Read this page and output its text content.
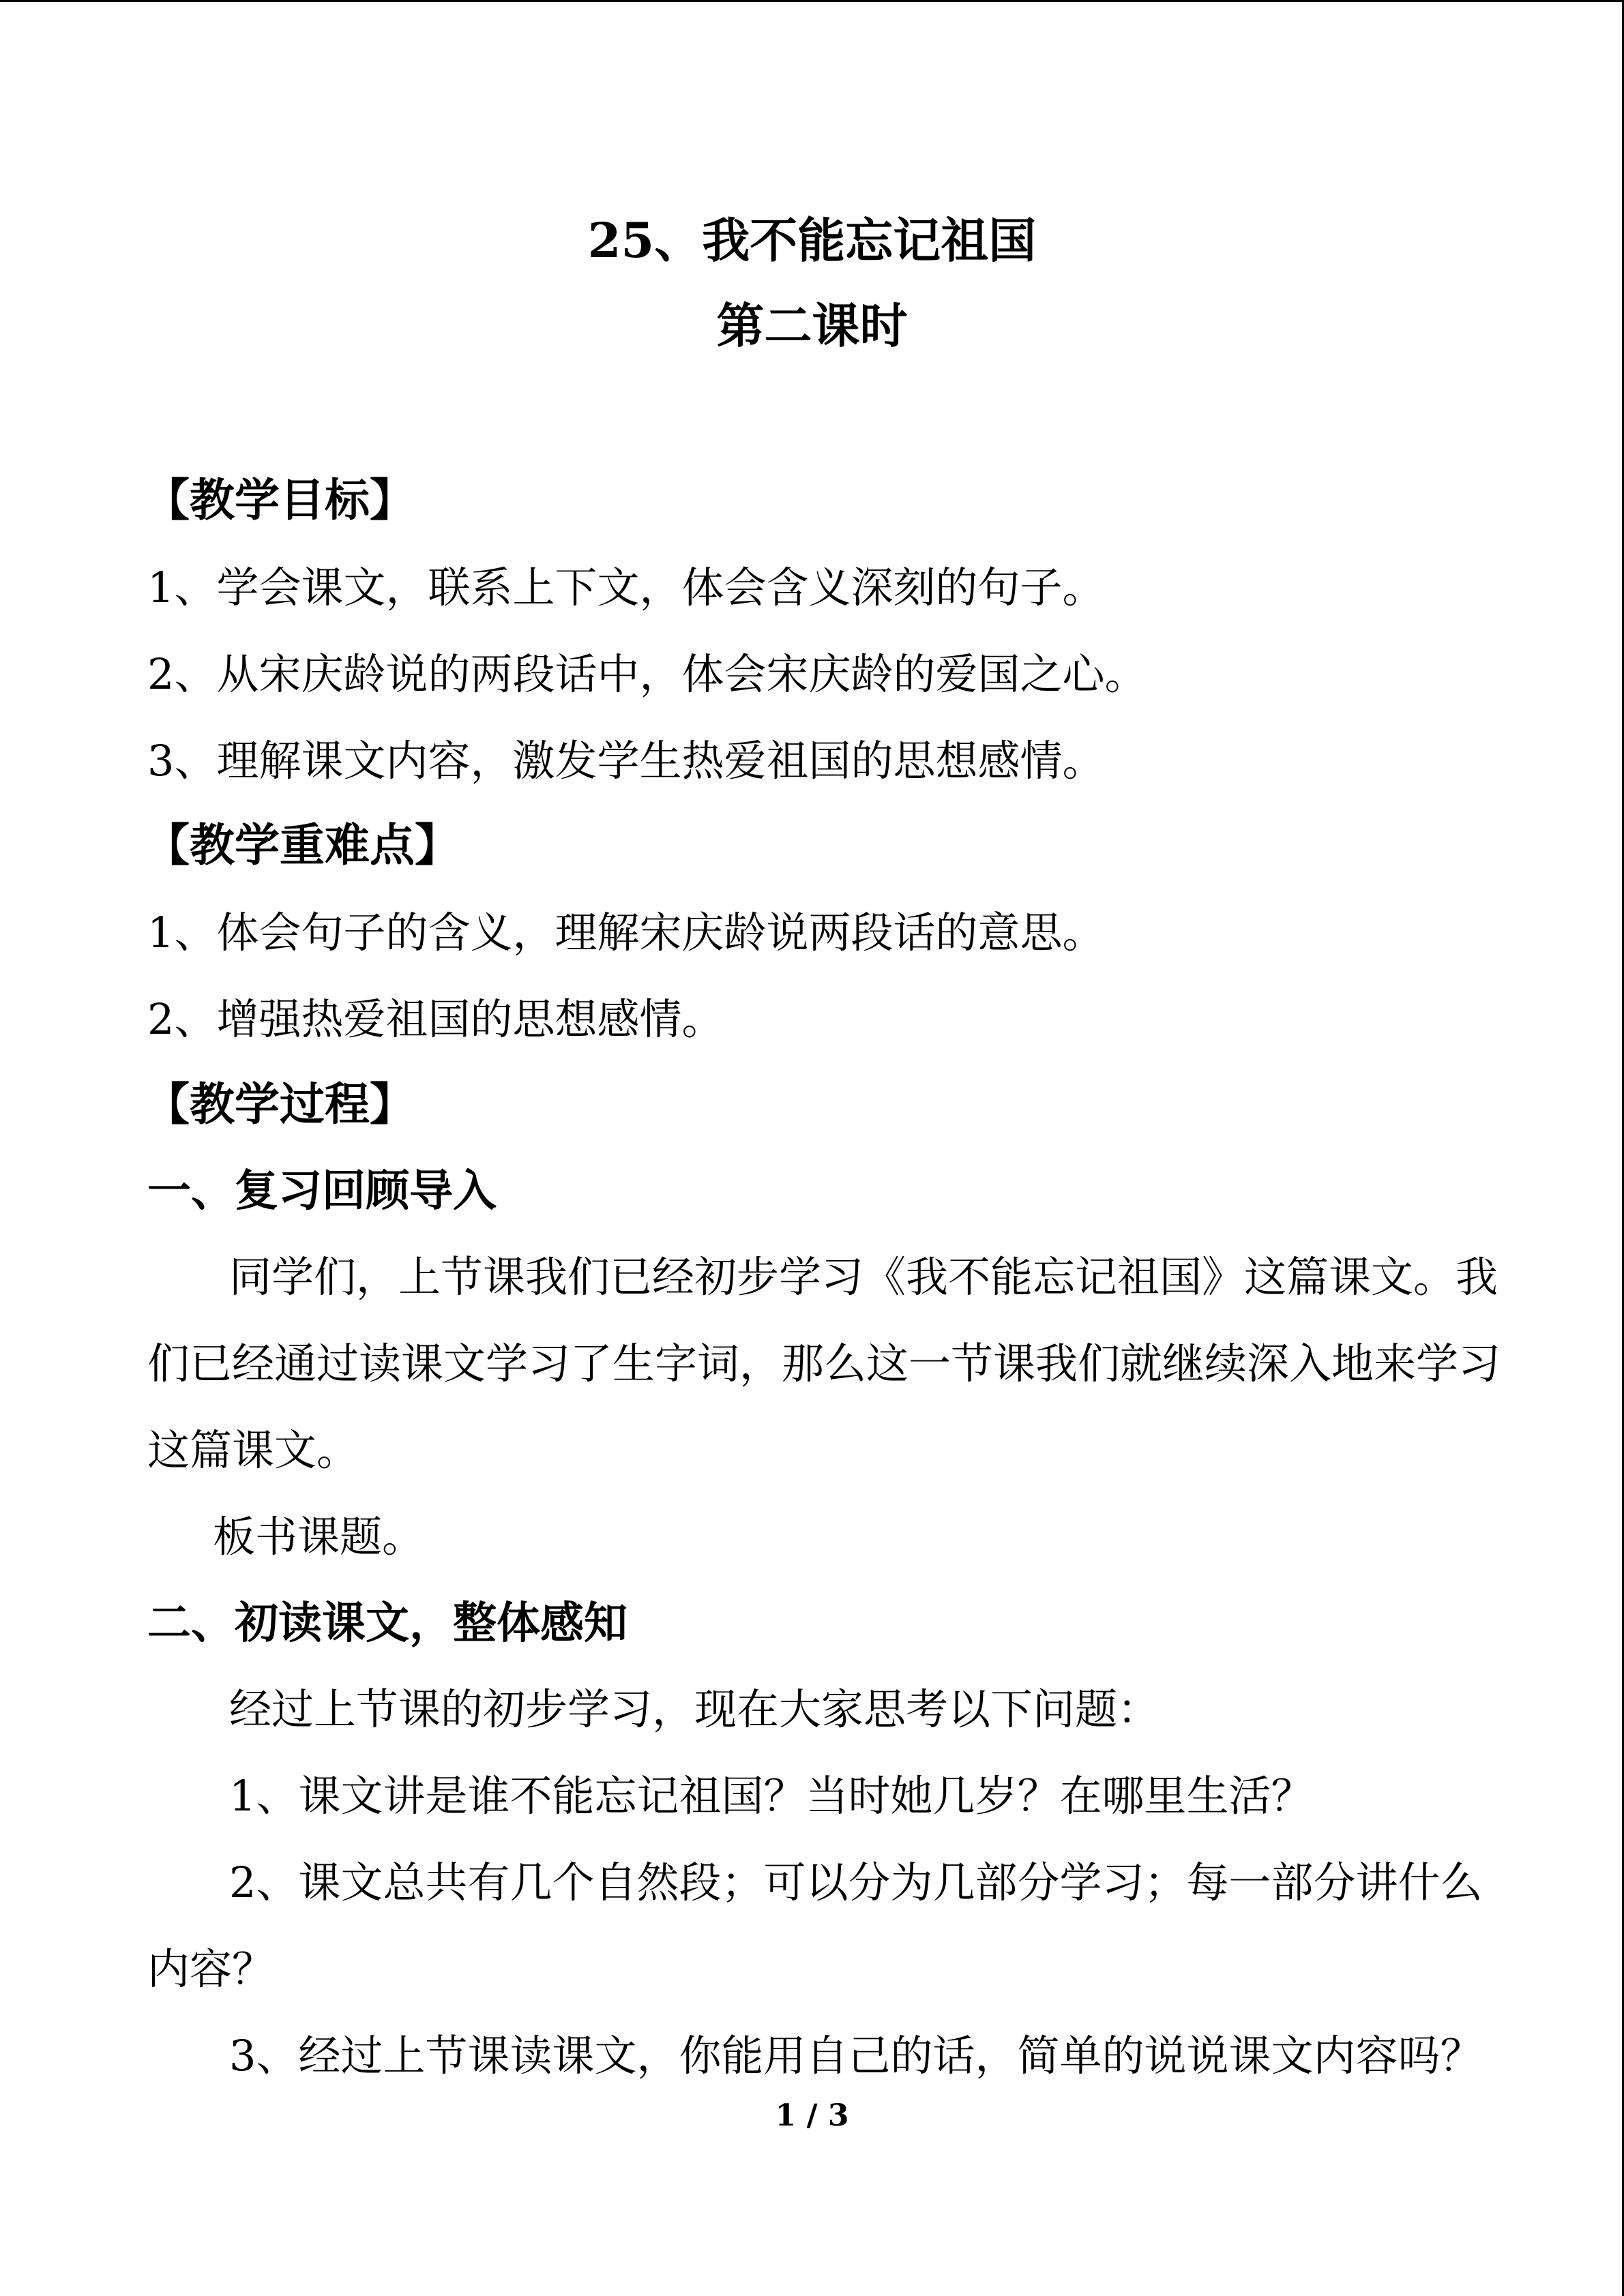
25、我不能忘记祖国
第二课时
【教学目标】
1、学会课文，联系上下文，体会含义深刻的句子。
2、从宋庆龄说的两段话中，体会宋庆龄的爱国之心。
3、理解课文内容，激发学生热爱祖国的思想感情。
【教学重难点】
1、体会句子的含义，理解宋庆龄说两段话的意思。
2、增强热爱祖国的思想感情。
【教学过程】
一、复习回顾导入
同学们，上节课我们已经初步学习《我不能忘记祖国》这篇课文。我
们已经通过读课文学习了生字词，那么这一节课我们就继续深入地来学习
这篇课文。
板书课题。
二、初读课文，整体感知
经过上节课的初步学习，现在大家思考以下问题：
1、课文讲是谁不能忘记祖国？当时她几岁？在哪里生活？
2、课文总共有几个自然段；可以分为几部分学习；每一部分讲什么
内容？
3、经过上节课读课文，你能用自己的话，简单的说说课文内容吗？
1 / 3
